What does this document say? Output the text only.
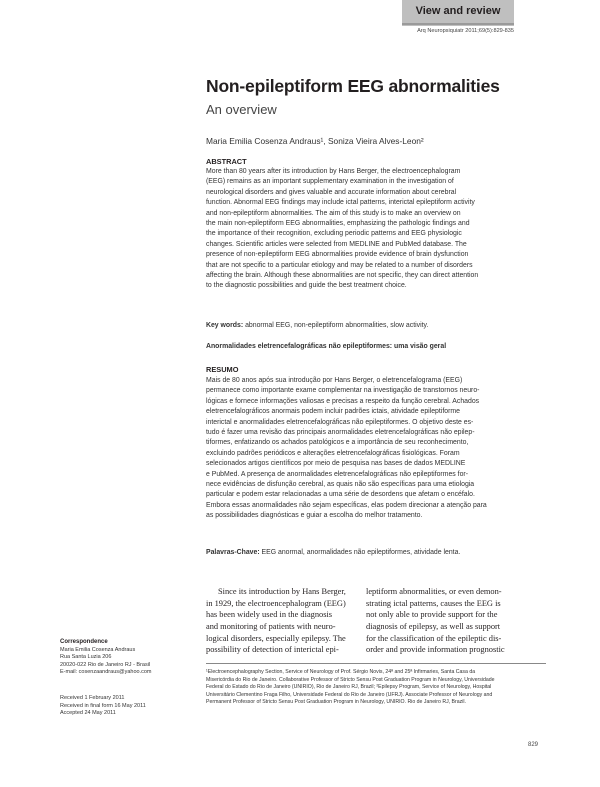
View and review
Arq Neuropsiquiatr 2011;69(5):829-835
Non-epileptiform EEG abnormalities
An overview
Maria Emilia Cosenza Andraus¹, Soniza Vieira Alves-Leon²
ABSTRACT
More than 80 years after its introduction by Hans Berger, the electroencephalogram
(EEG) remains as an important supplementary examination in the investigation of
neurological disorders and gives valuable and accurate information about cerebral
function. Abnormal EEG findings may include ictal patterns, interictal epileptiform activity
and non-epileptiform abnormalities. The aim of this study is to make an overview on
the main non-epileptiform EEG abnormalities, emphasizing the pathologic findings and
the importance of their recognition, excluding periodic patterns and EEG physiologic
changes. Scientific articles were selected from MEDLINE and PubMed database. The
presence of non-epileptiform EEG abnormalities provide evidence of brain dysfunction
that are not specific to a particular etiology and may be related to a number of disorders
affecting the brain. Although these abnormalities are not specific, they can direct attention
to the diagnostic possibilities and guide the best treatment choice.
Key words: abnormal EEG, non-epileptiform abnormalities, slow activity.
Anormalidades eletrencefalográficas não epileptiformes: uma visão geral
RESUMO
Mais de 80 anos após sua introdução por Hans Berger, o eletrencefalograma (EEG)
permanece como importante exame complementar na investigação de transtornos neuro-
lógicas e fornece informações valiosas e precisas a respeito da função cerebral. Achados
eletrencefalográficos anormais podem incluir padrões ictais, atividade epileptiforme
interictal e anormalidades eletrencefalográficas não epileptiformes. O objetivo deste es-
tudo é fazer uma revisão das principais anormalidades eletrencefalográficas não epilep-
tiformes, enfatizando os achados patológicos e a importância de seu reconhecimento,
excluindo padrões periódicos e alterações eletrencefalográficas fisiológicas. Foram
selecionados artigos científicos por meio de pesquisa nas bases de dados MEDLINE
e PubMed. A presença de anormalidades eletrencefalográficas não epileptiformes for-
nece evidências de disfunção cerebral, as quais não são específicas para uma etiologia
particular e podem estar relacionadas a uma série de desordens que afetam o encéfalo.
Embora essas anormalidades não sejam específicas, elas podem direcionar a atenção para
as possibilidades diagnósticas e guiar a escolha do melhor tratamento.
Palavras-Chave: EEG anormal, anormalidades não epileptiformes, atividade lenta.
Since its introduction by Hans Berger,
in 1929, the electroencephalogram (EEG)
has been widely used in the diagnosis
and monitoring of patients with neuro-
logical disorders, especially epilepsy. The
possibility of detection of interictal epi-
leptiform abnormalities, or even demon-
strating ictal patterns, causes the EEG is
not only able to provide support for the
diagnosis of epilepsy, as well as support
for the classification of the epileptic dis-
order and provide information prognostic
Correspondence
Maria Emilia Cosenza Andraus
Rua Santa Luzia 206
20020-022 Rio de Janeiro RJ - Brasil
E-mail: cosenzaandraus@yahoo.com
Received 1 February 2011
Received in final form 16 May 2011
Accepted 24 May 2011
¹Electroencephalography Section, Service of Neurology of Prof. Sérgio Novis, 24ª and 25ª Infirmaries, Santa Casa da
Misericórdia do Rio de Janeiro. Collaborative Professor of Stricto Sensu Post Graduation Program in Neurology, Universidade
Federal do Estado do Rio de Janeiro (UNIRIO), Rio de Janeiro RJ, Brazil; ²Epilepsy Program, Service of Neurology, Hospital
Universitário Clementino Fraga Filho, Universidade Federal do Rio de Janeiro (UFRJ). Associate Professor of Neurology and
Permanent Professor of Stricto Sensu Post Graduation Program in Neurology, UNIRIO. Rio de Janeiro RJ, Brazil.
829
